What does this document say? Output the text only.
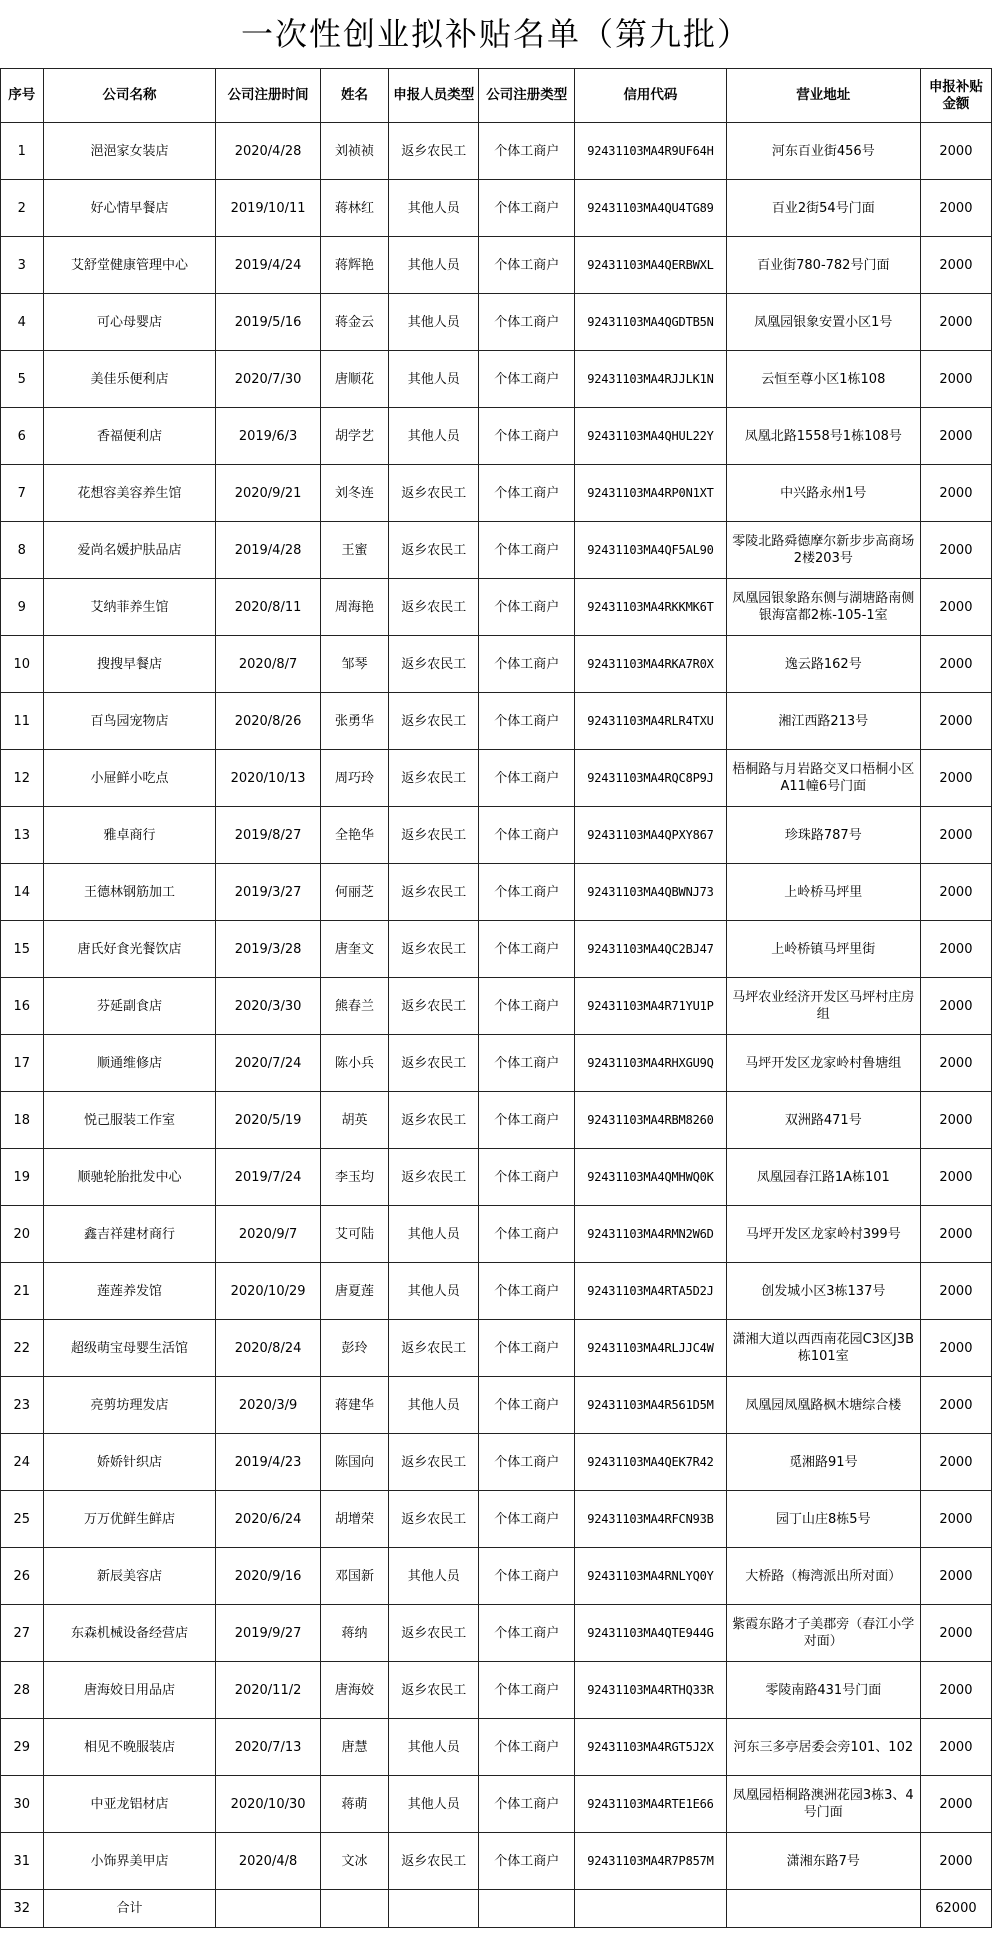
一次性创业拟补贴名单（第九批）
序号	公司名称	公司注册时间	姓名	申报人员类型	公司注册类型	信用代码	营业地址	申报补贴金额
1	浥浥家女装店	2020/4/28	刘祯祯	返乡农民工	个体工商户	92431103MA4R9UF64H	河东百业街456号	2000
2	好心情早餐店	2019/10/11	蒋林红	其他人员	个体工商户	92431103MA4QU4TG89	百业2街54号门面	2000
3	艾舒堂健康管理中心	2019/4/24	蒋辉艳	其他人员	个体工商户	92431103MA4QERBWXL	百业街780-782号门面	2000
4	可心母婴店	2019/5/16	蒋金云	其他人员	个体工商户	92431103MA4QGDTB5N	凤凰园银象安置小区1号	2000
5	美佳乐便利店	2020/7/30	唐顺花	其他人员	个体工商户	92431103MA4RJJLK1N	云恒至尊小区1栋108	2000
6	香福便利店	2019/6/3	胡学艺	其他人员	个体工商户	92431103MA4QHUL22Y	凤凰北路1558号1栋108号	2000
7	花想容美容养生馆	2020/9/21	刘冬连	返乡农民工	个体工商户	92431103MA4RP0N1XT	中兴路永州1号	2000
8	爱尚名媛护肤品店	2019/4/28	王蜜	返乡农民工	个体工商户	92431103MA4QF5AL90	零陵北路舜德摩尔新步步高商场2楼203号	2000
9	艾纳菲养生馆	2020/8/11	周海艳	返乡农民工	个体工商户	92431103MA4RKKMK6T	凤凰园银象路东侧与湖塘路南侧银海富都2栋-105-1室	2000
10	搜搜早餐店	2020/8/7	邹琴	返乡农民工	个体工商户	92431103MA4RKA7R0X	逸云路162号	2000
11	百鸟园宠物店	2020/8/26	张勇华	返乡农民工	个体工商户	92431103MA4RLR4TXU	湘江西路213号	2000
12	小屉鲜小吃点	2020/10/13	周巧玲	返乡农民工	个体工商户	92431103MA4RQC8P9J	梧桐路与月岩路交叉口梧桐小区A11幢6号门面	2000
13	雅卓商行	2019/8/27	全艳华	返乡农民工	个体工商户	92431103MA4QPXY867	珍珠路787号	2000
14	王德林钢筋加工	2019/3/27	何丽芝	返乡农民工	个体工商户	92431103MA4QBWNJ73	上岭桥马坪里	2000
15	唐氏好食光餐饮店	2019/3/28	唐奎文	返乡农民工	个体工商户	92431103MA4QC2BJ47	上岭桥镇马坪里街	2000
16	芬延副食店	2020/3/30	熊春兰	返乡农民工	个体工商户	92431103MA4R71YU1P	马坪农业经济开发区马坪村庄房组	2000
17	顺通维修店	2020/7/24	陈小兵	返乡农民工	个体工商户	92431103MA4RHXGU9Q	马坪开发区龙家岭村鲁塘组	2000
18	悦己服装工作室	2020/5/19	胡英	返乡农民工	个体工商户	92431103MA4RBM8260	双洲路471号	2000
19	顺驰轮胎批发中心	2019/7/24	李玉均	返乡农民工	个体工商户	92431103MA4QMHWQ0K	凤凰园春江路1A栋101	2000
20	鑫吉祥建材商行	2020/9/7	艾可陆	其他人员	个体工商户	92431103MA4RMN2W6D	马坪开发区龙家岭村399号	2000
21	莲莲养发馆	2020/10/29	唐夏莲	其他人员	个体工商户	92431103MA4RTA5D2J	创发城小区3栋137号	2000
22	超级萌宝母婴生活馆	2020/8/24	彭玲	返乡农民工	个体工商户	92431103MA4RLJJC4W	潇湘大道以西西南花园C3区J3B栋101室	2000
23	亮剪坊理发店	2020/3/9	蒋建华	其他人员	个体工商户	92431103MA4R561D5M	凤凰园凤凰路枫木塘综合楼	2000
24	娇娇针织店	2019/4/23	陈国向	返乡农民工	个体工商户	92431103MA4QEK7R42	觅湘路91号	2000
25	万万优鲜生鲜店	2020/6/24	胡增荣	返乡农民工	个体工商户	92431103MA4RFCN93B	园丁山庄8栋5号	2000
26	新辰美容店	2020/9/16	邓国新	其他人员	个体工商户	92431103MA4RNLYQ0Y	大桥路（梅湾派出所对面）	2000
27	东森机械设备经营店	2019/9/27	蒋纳	返乡农民工	个体工商户	92431103MA4QTE944G	紫霞东路才子美郡旁（春江小学对面）	2000
28	唐海姣日用品店	2020/11/2	唐海姣	返乡农民工	个体工商户	92431103MA4RTHQ33R	零陵南路431号门面	2000
29	相见不晚服装店	2020/7/13	唐慧	其他人员	个体工商户	92431103MA4RGT5J2X	河东三多亭居委会旁101、102	2000
30	中亚龙铝材店	2020/10/30	蒋萌	其他人员	个体工商户	92431103MA4RTE1E66	凤凰园梧桐路澳洲花园3栋3、4号门面	2000
31	小饰界美甲店	2020/4/8	文冰	返乡农民工	个体工商户	92431103MA4R7P857M	潇湘东路7号	2000
32	合计							62000
